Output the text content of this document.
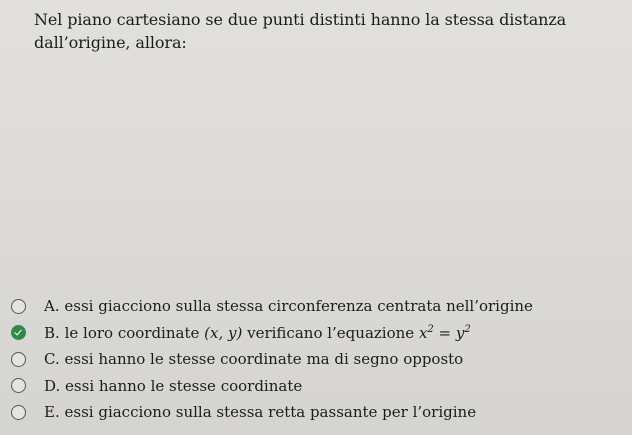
Nel piano cartesiano se due punti distinti hanno la stessa distanza dall’origine, allora:
A. essi giacciono sulla stessa circonferenza centrata nell’origine
B. le loro coordinate (x, y) verificano l’equazione $x^2 = y^2$
C. essi hanno le stesse coordinate ma di segno opposto
D. essi hanno le stesse coordinate
E. essi giacciono sulla stessa retta passante per l’origine
